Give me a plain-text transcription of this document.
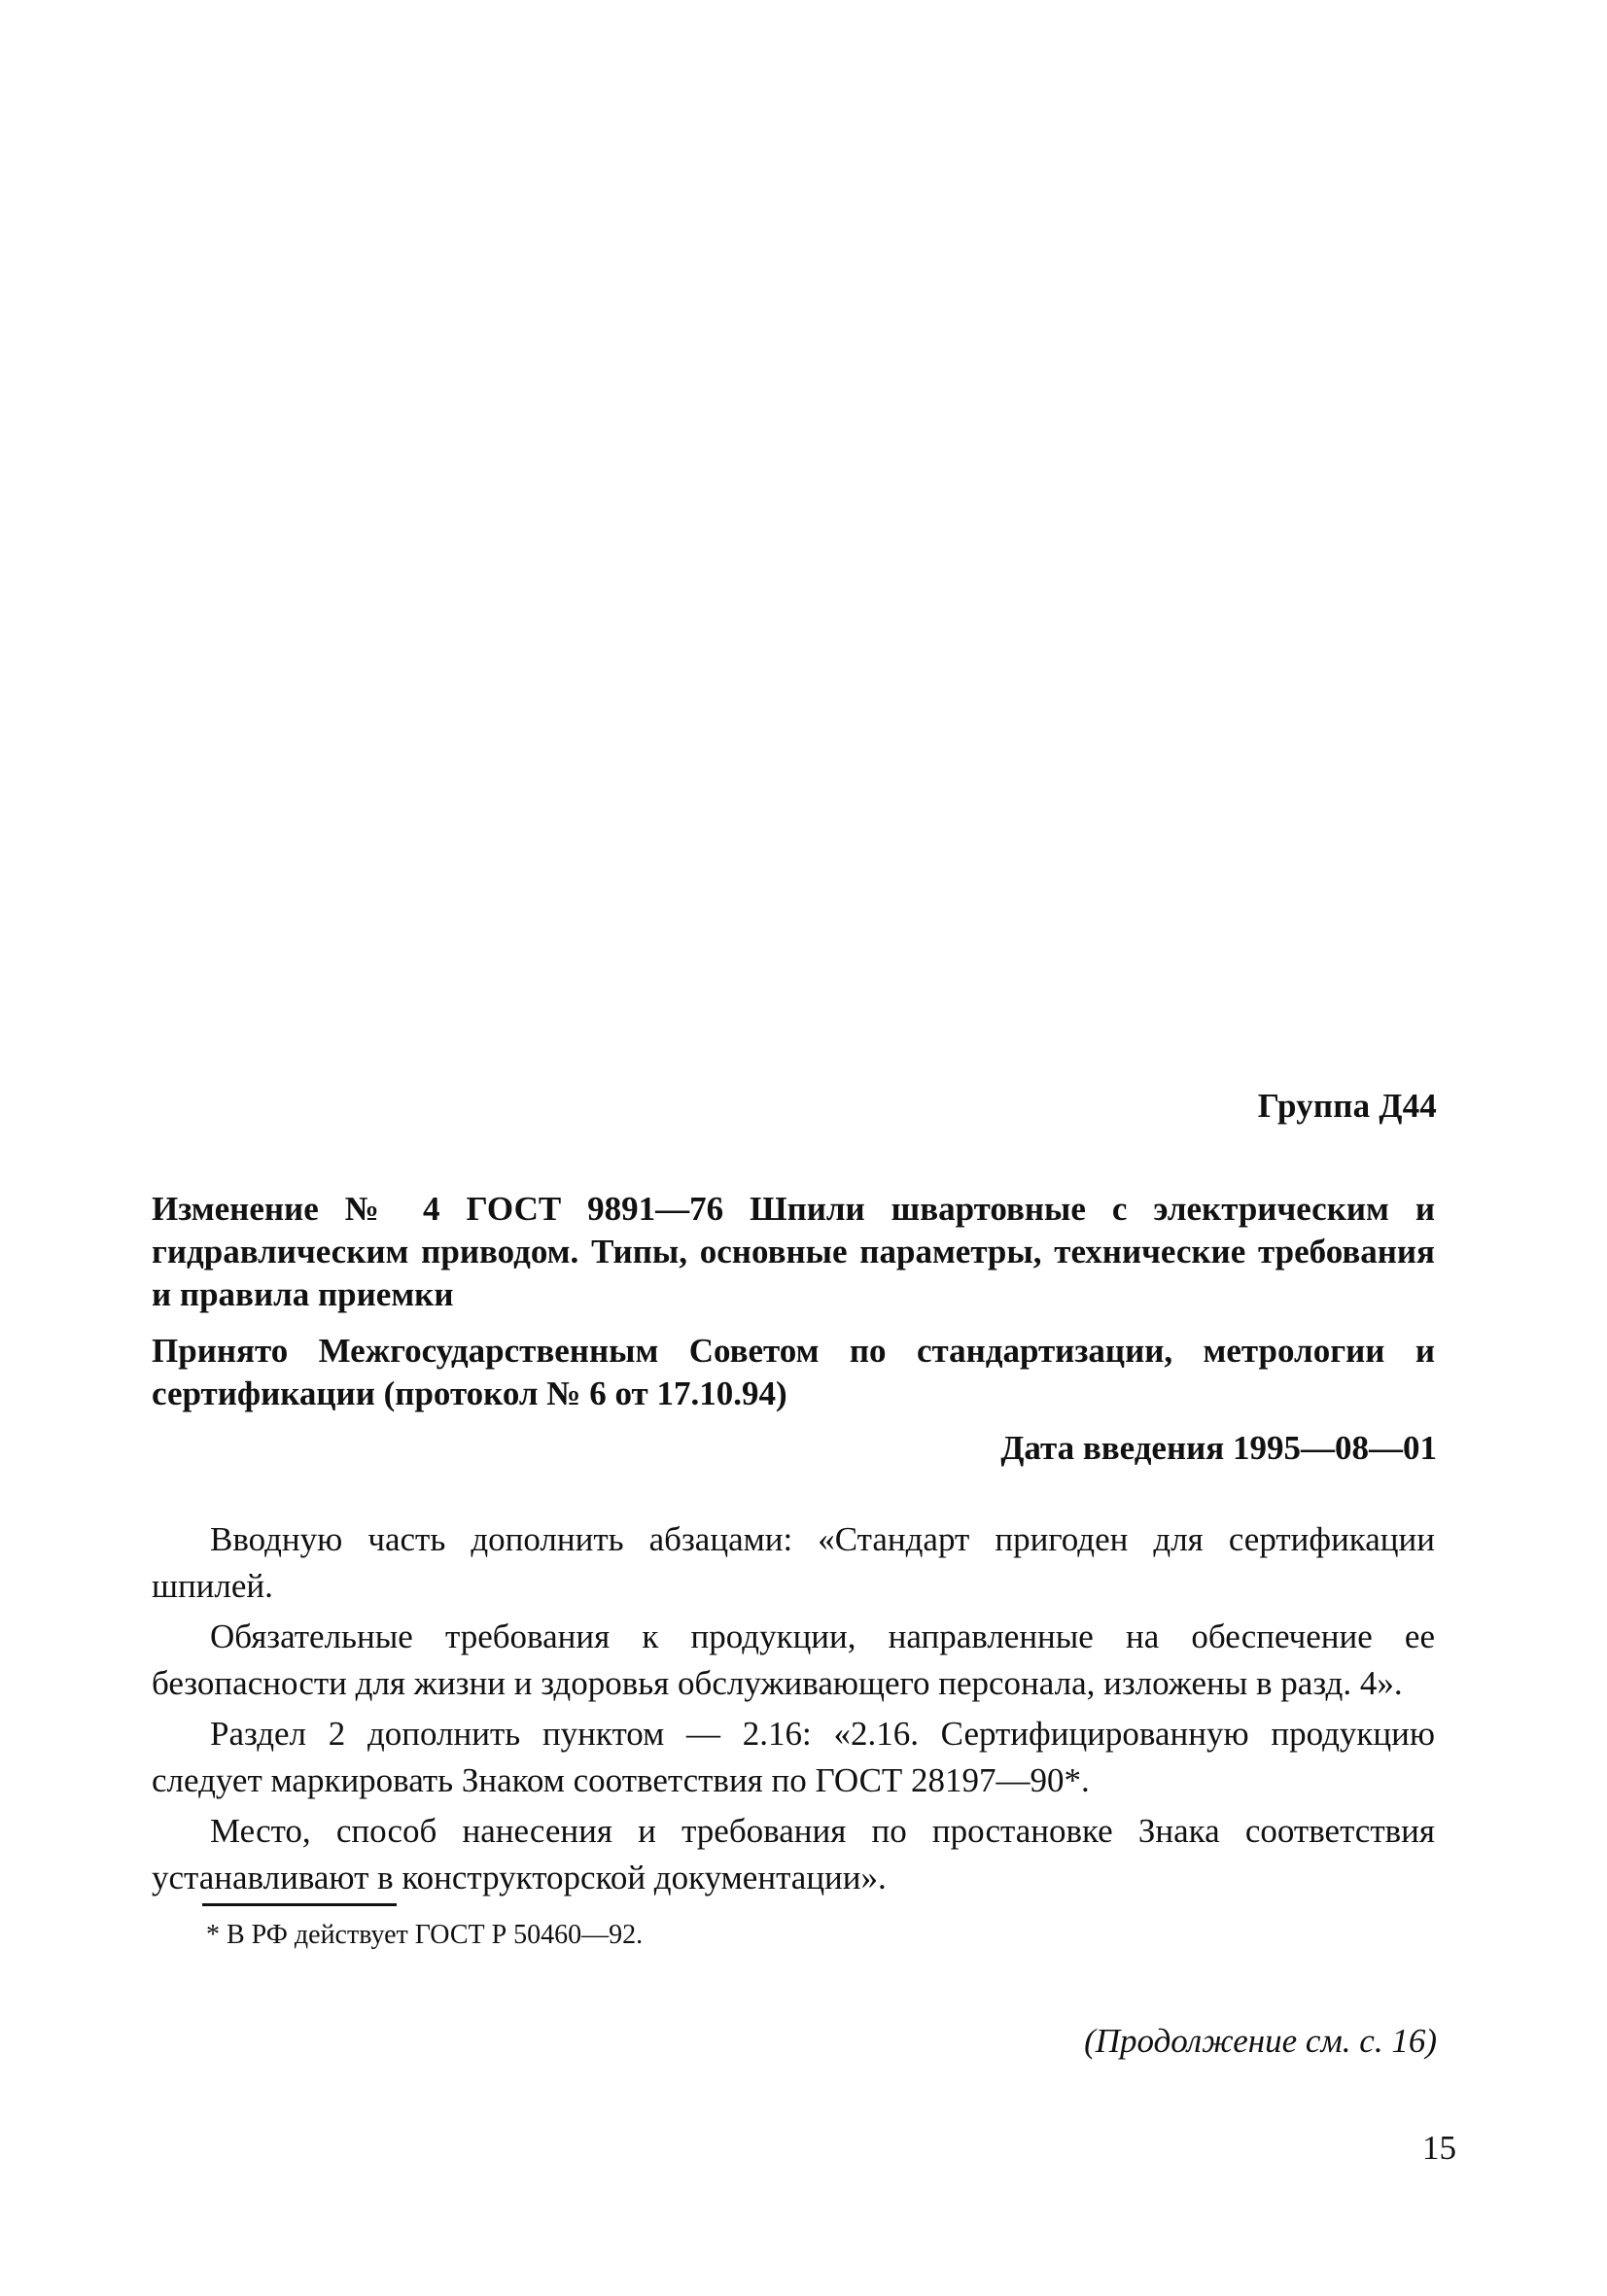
Группа Д44
Изменение № 4 ГОСТ 9891—76 Шпили швартовные с электрическим и гидравлическим приводом. Типы, основные параметры, технические требования и правила приемки
Принято Межгосударственным Советом по стандартизации, метрологии и сертификации (протокол № 6 от 17.10.94)
Дата введения 1995—08—01

Вводную часть дополнить абзацами: «Стандарт пригоден для сертификации шпилей.

Обязательные требования к продукции, направленные на обеспечение ее безопасности для жизни и здоровья обслуживающего персонала, изложены в разд. 4».

Раздел 2 дополнить пунктом — 2.16: «2.16. Сертифицированную продукцию следует маркировать Знаком соответствия по ГОСТ 28197—90*.

Место, способ нанесения и требования по простановке Знака соответствия устанавливают в конструкторской документации».

* В РФ действует ГОСТ Р 50460—92.
(Продолжение см. с. 16)
15
